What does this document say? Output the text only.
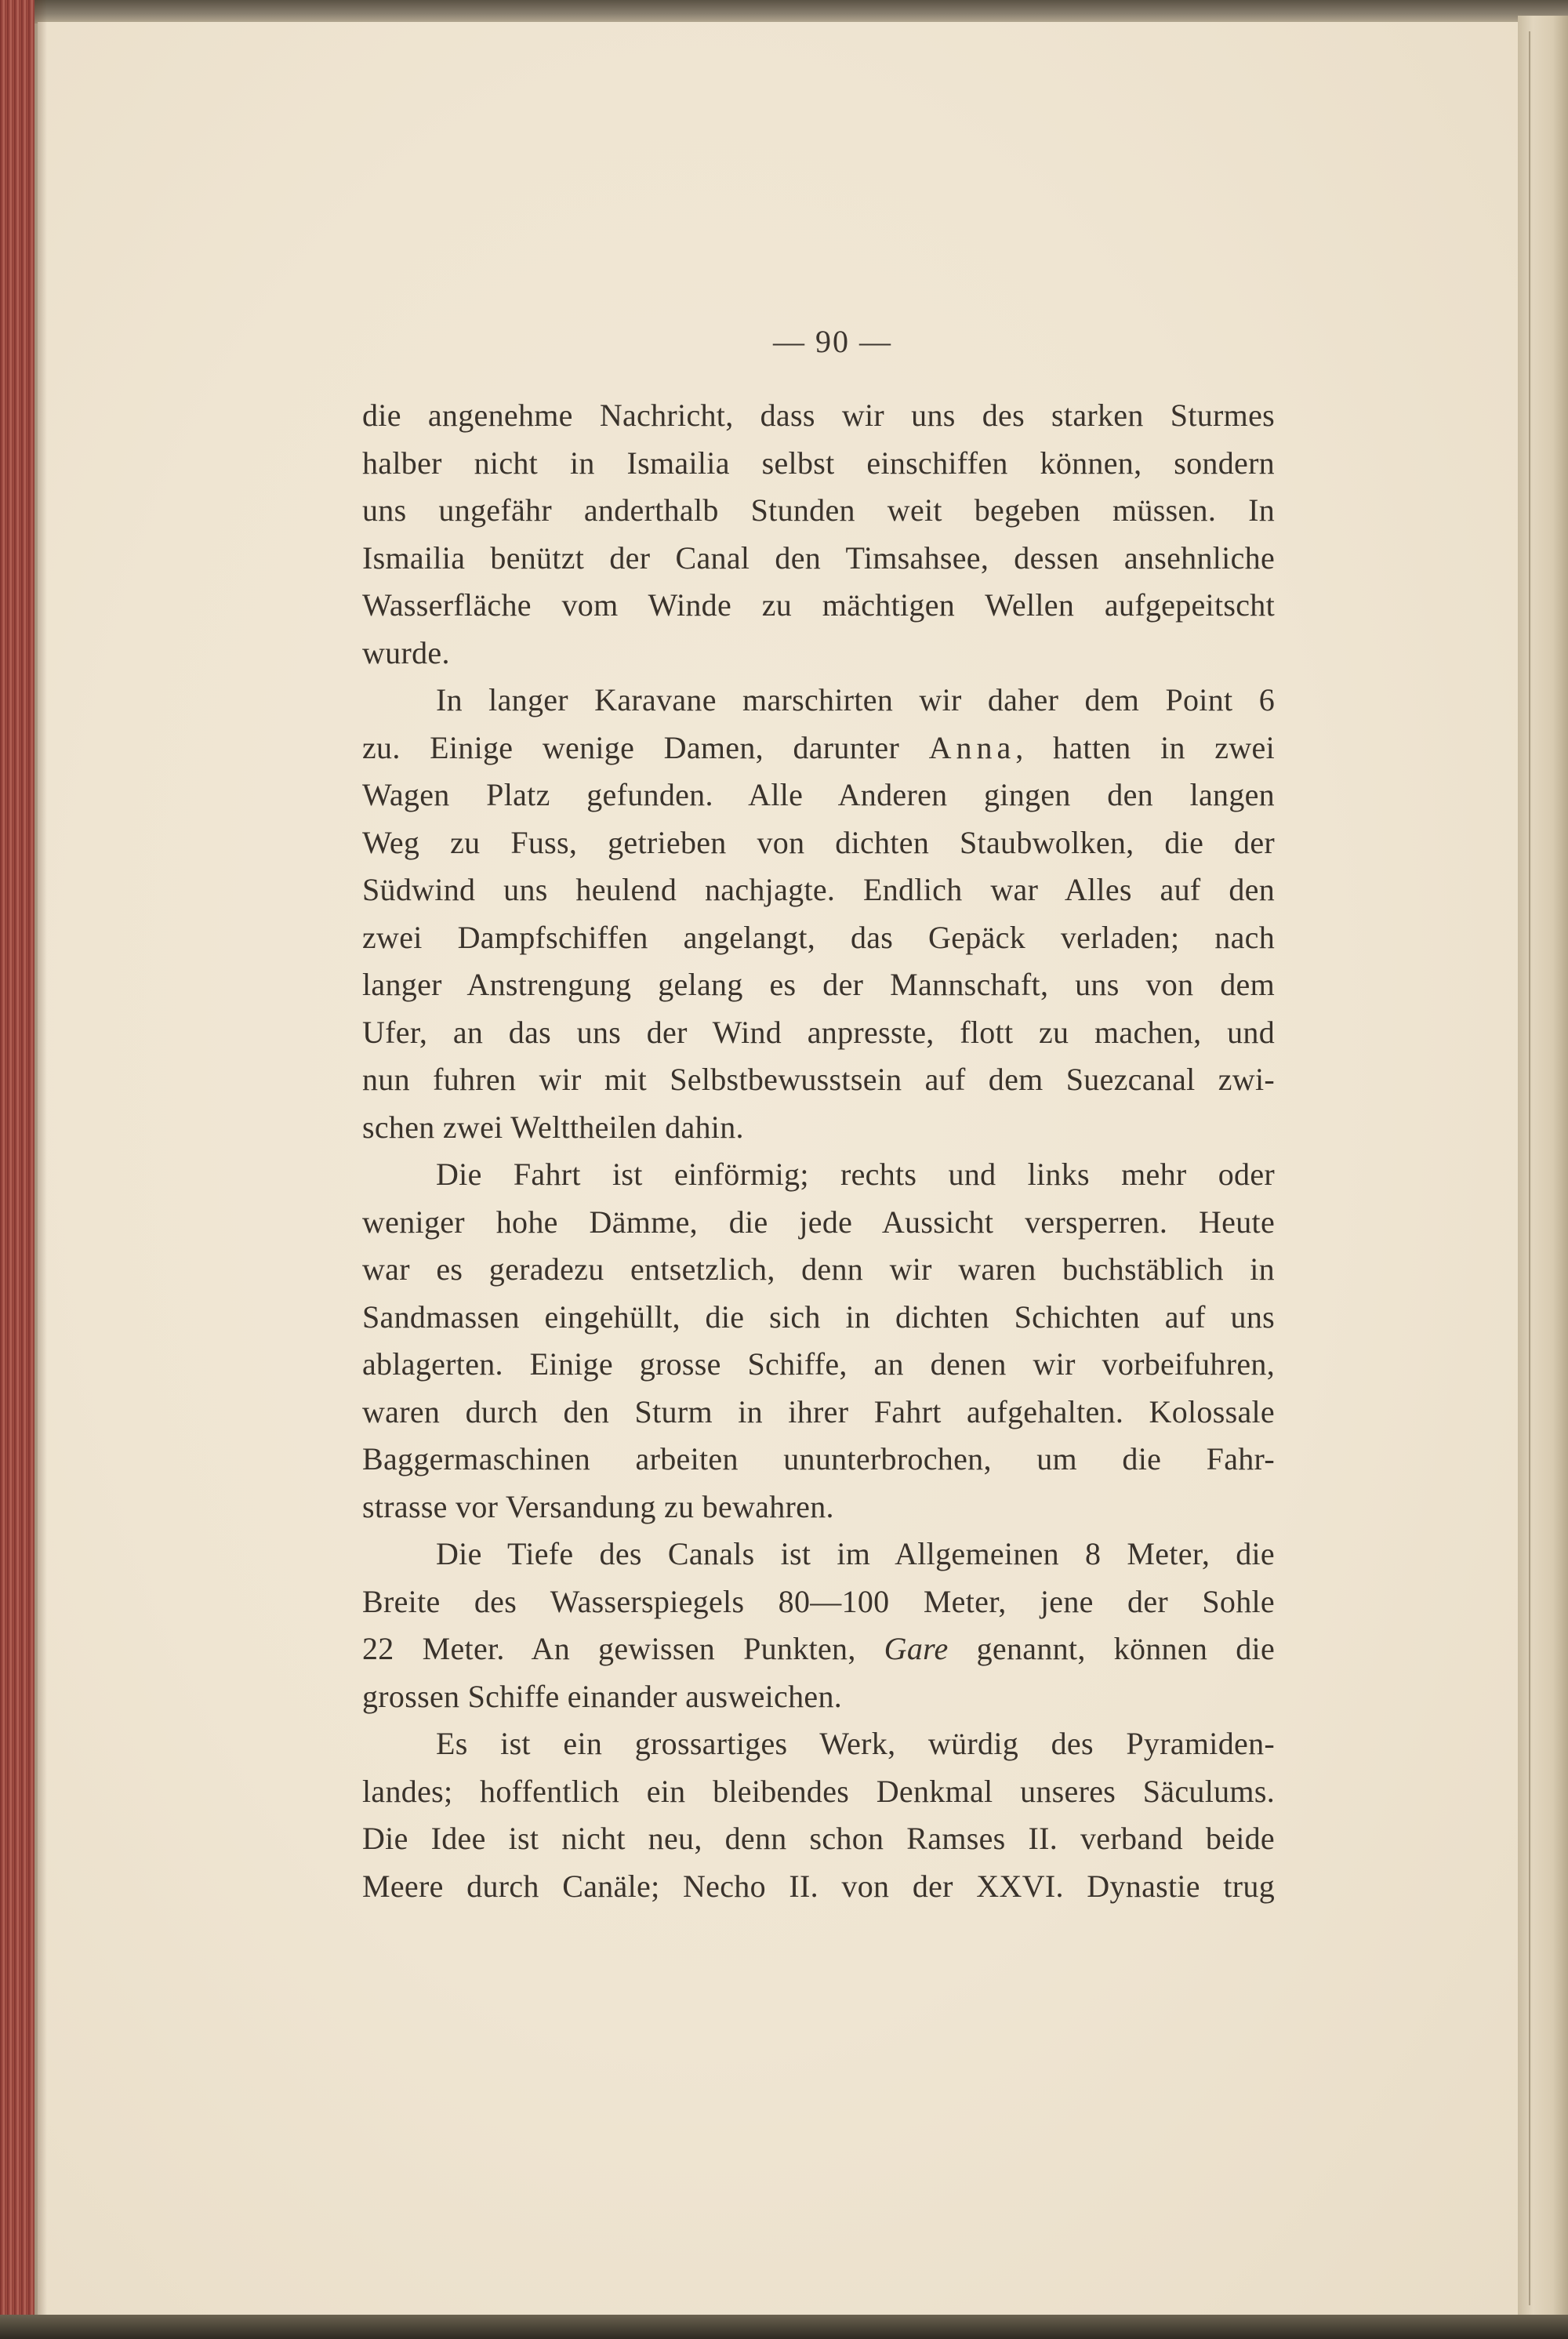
— 90 —
die angenehme Nachricht, dass wir uns des starken Sturmes
halber nicht in Ismailia selbst einschiffen können, sondern
uns ungefähr anderthalb Stunden weit begeben müssen. In
Ismailia benützt der Canal den Timsahsee, dessen ansehnliche
Wasserfläche vom Winde zu mächtigen Wellen aufgepeitscht
wurde.
In langer Karavane marschirten wir daher dem Point 6
zu. Einige wenige Damen, darunter Anna, hatten in zwei
Wagen Platz gefunden. Alle Anderen gingen den langen
Weg zu Fuss, getrieben von dichten Staubwolken, die der
Südwind uns heulend nachjagte. Endlich war Alles auf den
zwei Dampfschiffen angelangt, das Gepäck verladen; nach
langer Anstrengung gelang es der Mannschaft, uns von dem
Ufer, an das uns der Wind anpresste, flott zu machen, und
nun fuhren wir mit Selbstbewusstsein auf dem Suezcanal zwi-
schen zwei Welttheilen dahin.
Die Fahrt ist einförmig; rechts und links mehr oder
weniger hohe Dämme, die jede Aussicht versperren. Heute
war es geradezu entsetzlich, denn wir waren buchstäblich in
Sandmassen eingehüllt, die sich in dichten Schichten auf uns
ablagerten. Einige grosse Schiffe, an denen wir vorbeifuhren,
waren durch den Sturm in ihrer Fahrt aufgehalten. Kolossale
Baggermaschinen arbeiten ununterbrochen, um die Fahr-
strasse vor Versandung zu bewahren.
Die Tiefe des Canals ist im Allgemeinen 8 Meter, die
Breite des Wasserspiegels 80—100 Meter, jene der Sohle
22 Meter. An gewissen Punkten, Gare genannt, können die
grossen Schiffe einander ausweichen.
Es ist ein grossartiges Werk, würdig des Pyramiden-
landes; hoffentlich ein bleibendes Denkmal unseres Säculums.
Die Idee ist nicht neu, denn schon Ramses II. verband beide
Meere durch Canäle; Necho II. von der XXVI. Dynastie trug
